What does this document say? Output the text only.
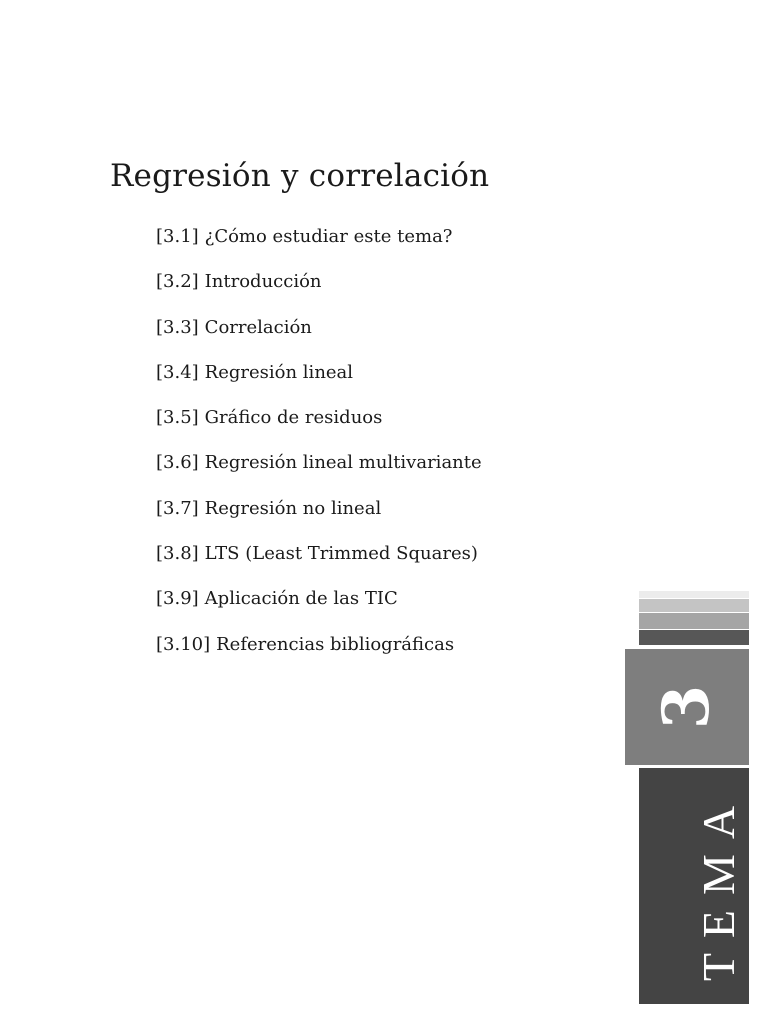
Regresión y correlación
[3.1] ¿Cómo estudiar este tema?
[3.2] Introducción
[3.3] Correlación
[3.4] Regresión lineal
[3.5] Gráfico de residuos
[3.6] Regresión lineal multivariante
[3.7] Regresión no lineal
[3.8] LTS (Least Trimmed Squares)
[3.9] Aplicación de las TIC
[3.10] Referencias bibliográficas
3
TEMA
